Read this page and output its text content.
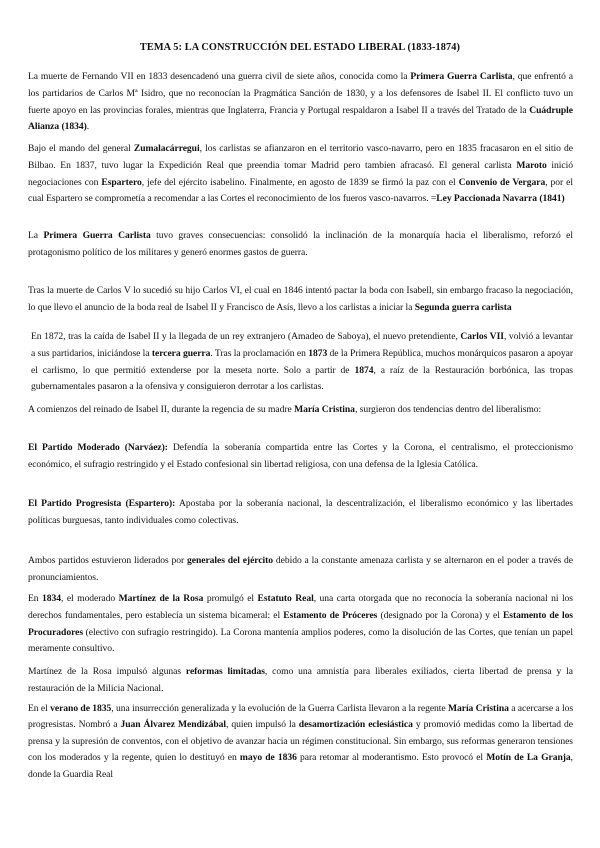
TEMA 5: LA CONSTRUCCIÓN DEL ESTADO LIBERAL (1833-1874)

La muerte de Fernando VII en 1833 desencadenó una guerra civil de siete años, conocida como la Primera Guerra Carlista, que enfrentó a los partidarios de Carlos Mª Isidro, que no reconocían la Pragmática Sanción de 1830, y a los defensores de Isabel II. El conflicto tuvo un fuerte apoyo en las provincias forales, mientras que Inglaterra, Francia y Portugal respaldaron a Isabel II a través del Tratado de la Cuádruple Alianza (1834).

Bajo el mando del general Zumalacárregui, los carlistas se afianzaron en el territorio vasco-navarro, pero en 1835 fracasaron en el sitio de Bilbao. En 1837, tuvo lugar la Expedición Real que preendia tomar Madrid pero tambien afracasó. El general carlista Maroto inició negociaciones con Espartero, jefe del ejército isabelino. Finalmente, en agosto de 1839 se firmó la paz con el Convenio de Vergara, por el cual Espartero se comprometía a recomendar a las Cortes el reconocimiento de los fueros vasco-navarros. =Ley Paccionada Navarra (1841)

La Primera Guerra Carlista tuvo graves consecuencias: consolidó la inclinación de la monarquía hacia el liberalismo, reforzó el protagonismo político de los militares y generó enormes gastos de guerra.

Tras la muerte de Carlos V lo sucedió su hijo Carlos VI, el cual en 1846 intentó pactar la boda con Isabell, sin embargo fracaso la negociación, lo que llevo el anuncio de la boda real de Isabel II y Francisco de Asís, llevo a los carlistas a iniciar la Segunda guerra carlista

En 1872, tras la caída de Isabel II y la llegada de un rey extranjero (Amadeo de Saboya), el nuevo pretendiente, Carlos VII, volvió a levantar a sus partidarios, iniciándose la tercera guerra. Tras la proclamación en 1873 de la Primera República, muchos monárquicos pasaron a apoyar el carlismo, lo que permitió extenderse por la meseta norte. Solo a partir de 1874, a raíz de la Restauración borbónica, las tropas gubernamentales pasaron a la ofensiva y consiguieron derrotar a los carlistas.

A comienzos del reinado de Isabel II, durante la regencia de su madre María Cristina, surgieron dos tendencias dentro del liberalismo:

El Partido Moderado (Narváez): Defendía la soberanía compartida entre las Cortes y la Corona, el centralismo, el proteccionismo económico, el sufragio restringido y el Estado confesional sin libertad religiosa, con una defensa de la Iglesia Católica.

El Partido Progresista (Espartero): Apostaba por la soberanía nacional, la descentralización, el liberalismo económico y las libertades políticas burguesas, tanto individuales como colectivas.

Ambos partidos estuvieron liderados por generales del ejército debido a la constante amenaza carlista y se alternaron en el poder a través de pronunciamientos.

En 1834, el moderado Martínez de la Rosa promulgó el Estatuto Real, una carta otorgada que no reconocía la soberanía nacional ni los derechos fundamentales, pero establecía un sistema bicameral: el Estamento de Próceres (designado por la Corona) y el Estamento de los Procuradores (electivo con sufragio restringido). La Corona mantenía amplios poderes, como la disolución de las Cortes, que tenían un papel meramente consultivo.

Martínez de la Rosa impulsó algunas reformas limitadas, como una amnistía para liberales exiliados, cierta libertad de prensa y la restauración de la Milicia Nacional.

En el verano de 1835, una insurrección generalizada y la evolución de la Guerra Carlista llevaron a la regente María Cristina a acercarse a los progresistas. Nombró a Juan Álvarez Mendizábal, quien impulsó la desamortización eclesiástica y promovió medidas como la libertad de prensa y la supresión de conventos, con el objetivo de avanzar hacia un régimen constitucional. Sin embargo, sus reformas generaron tensiones con los moderados y la regente, quien lo destituyó en mayo de 1836 para retomar al moderantismo. Esto provocó el Motín de La Granja, donde la Guardia Real
